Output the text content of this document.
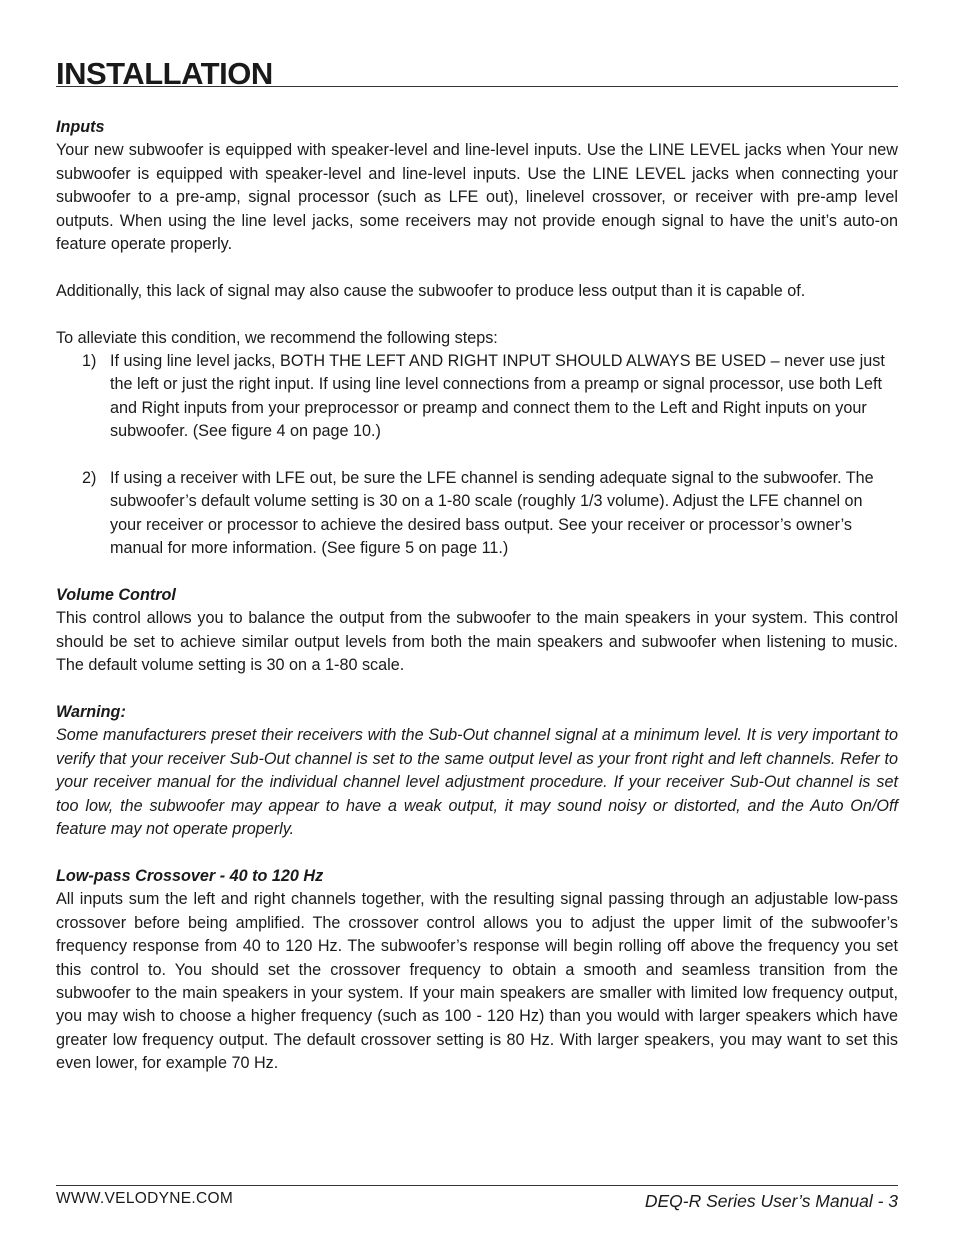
INSTALLATION

Inputs

Your new subwoofer is equipped with speaker-level and line-level inputs. Use the LINE LEVEL jacks when Your new subwoofer is equipped with speaker-level and line-level inputs. Use the LINE LEVEL jacks when connecting your subwoofer to a pre-amp, signal processor (such as LFE out), linelevel crossover, or receiver with pre-amp level outputs. When using the line level jacks, some receivers may not provide enough signal to have the unit’s auto-on feature operate properly.

Additionally, this lack of signal may also cause the subwoofer to produce less output than it is capable of.

To alleviate this condition, we recommend the following steps:

1) If using line level jacks, BOTH THE LEFT AND RIGHT INPUT SHOULD ALWAYS BE USED – never use just the left or just the right input. If using line level connections from a preamp or signal processor, use both Left and Right inputs from your preprocessor or preamp and connect them to the Left and Right inputs on your subwoofer. (See figure 4 on page 10.)
2) If using a receiver with LFE out, be sure the LFE channel is sending adequate signal to the subwoofer. The subwoofer’s default volume setting is 30 on a 1-80 scale (roughly 1/3 volume). Adjust the LFE channel on your receiver or processor to achieve the desired bass output. See your receiver or processor’s owner’s manual for more information. (See figure 5 on page 11.)

Volume Control

This control allows you to balance the output from the subwoofer to the main speakers in your system. This control should be set to achieve similar output levels from both the main speakers and subwoofer when listening to music. The default volume setting is 30 on a 1-80 scale.

Warning:

Some manufacturers preset their receivers with the Sub-Out channel signal at a minimum level. It is very important to verify that your receiver Sub-Out channel is set to the same output level as your front right and left channels. Refer to your receiver manual for the individual channel level adjustment procedure. If your receiver Sub-Out channel is set too low, the subwoofer may appear to have a weak output, it may sound noisy or distorted, and the Auto On/Off feature may not operate properly.

Low-pass Crossover - 40 to 120 Hz

All inputs sum the left and right channels together, with the resulting signal passing through an adjustable low-pass crossover before being amplified. The crossover control allows you to adjust the upper limit of the subwoofer’s frequency response from 40 to 120 Hz. The subwoofer’s response will begin rolling off above the frequency you set this control to. You should set the crossover frequency to obtain a smooth and seamless transition from the subwoofer to the main speakers in your system. If your main speakers are smaller with limited low frequency output, you may wish to choose a higher frequency (such as 100 - 120 Hz) than you would with larger speakers which have greater low frequency output. The default crossover setting is 80 Hz. With larger speakers, you may want to set this even lower, for example 70 Hz.

WWW.VELODYNE.COM	DEQ-R Series User’s Manual - 3
